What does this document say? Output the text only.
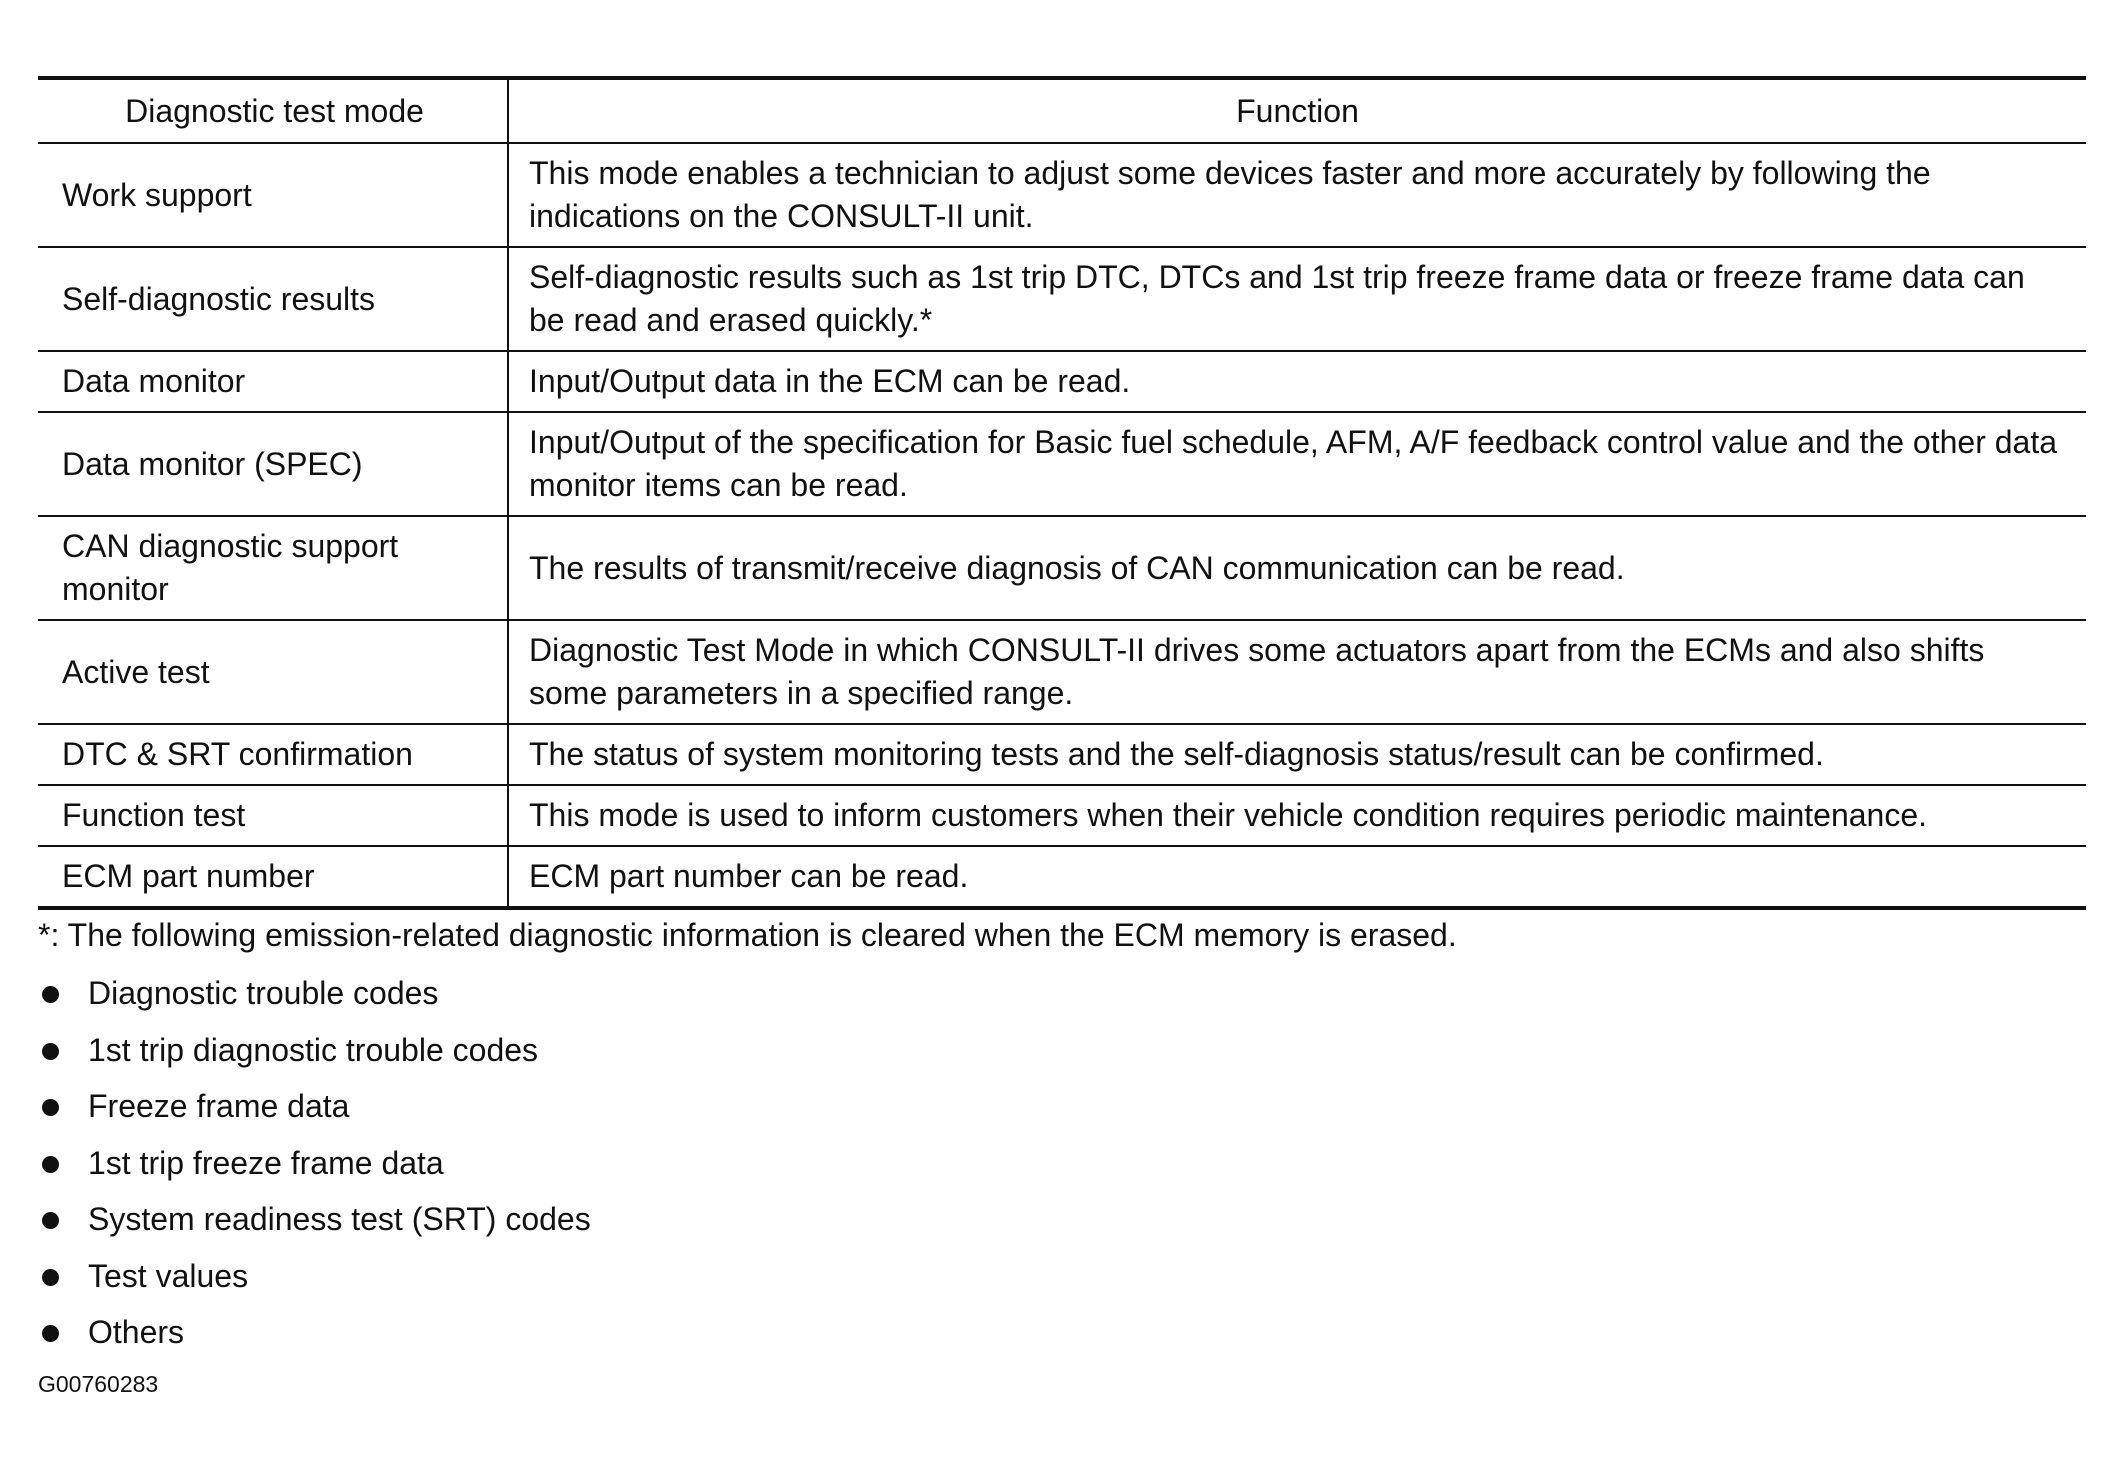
Diagnostic test mode	Function
Work support	This mode enables a technician to adjust some devices faster and more accurately by following the indications on the CONSULT-II unit.
Self-diagnostic results	Self-diagnostic results such as 1st trip DTC, DTCs and 1st trip freeze frame data or freeze frame data can be read and erased quickly.*
Data monitor	Input/Output data in the ECM can be read.
Data monitor (SPEC)	Input/Output of the specification for Basic fuel schedule, AFM, A/F feedback control value and the other data monitor items can be read.
CAN diagnostic support monitor	The results of transmit/receive diagnosis of CAN communication can be read.
Active test	Diagnostic Test Mode in which CONSULT-II drives some actuators apart from the ECMs and also shifts some parameters in a specified range.
DTC & SRT confirmation	The status of system monitoring tests and the self-diagnosis status/result can be confirmed.
Function test	This mode is used to inform customers when their vehicle condition requires periodic maintenance.
ECM part number	ECM part number can be read.
*: The following emission-related diagnostic information is cleared when the ECM memory is erased.
Diagnostic trouble codes
1st trip diagnostic trouble codes
Freeze frame data
1st trip freeze frame data
System readiness test (SRT) codes
Test values
Others
G00760283
